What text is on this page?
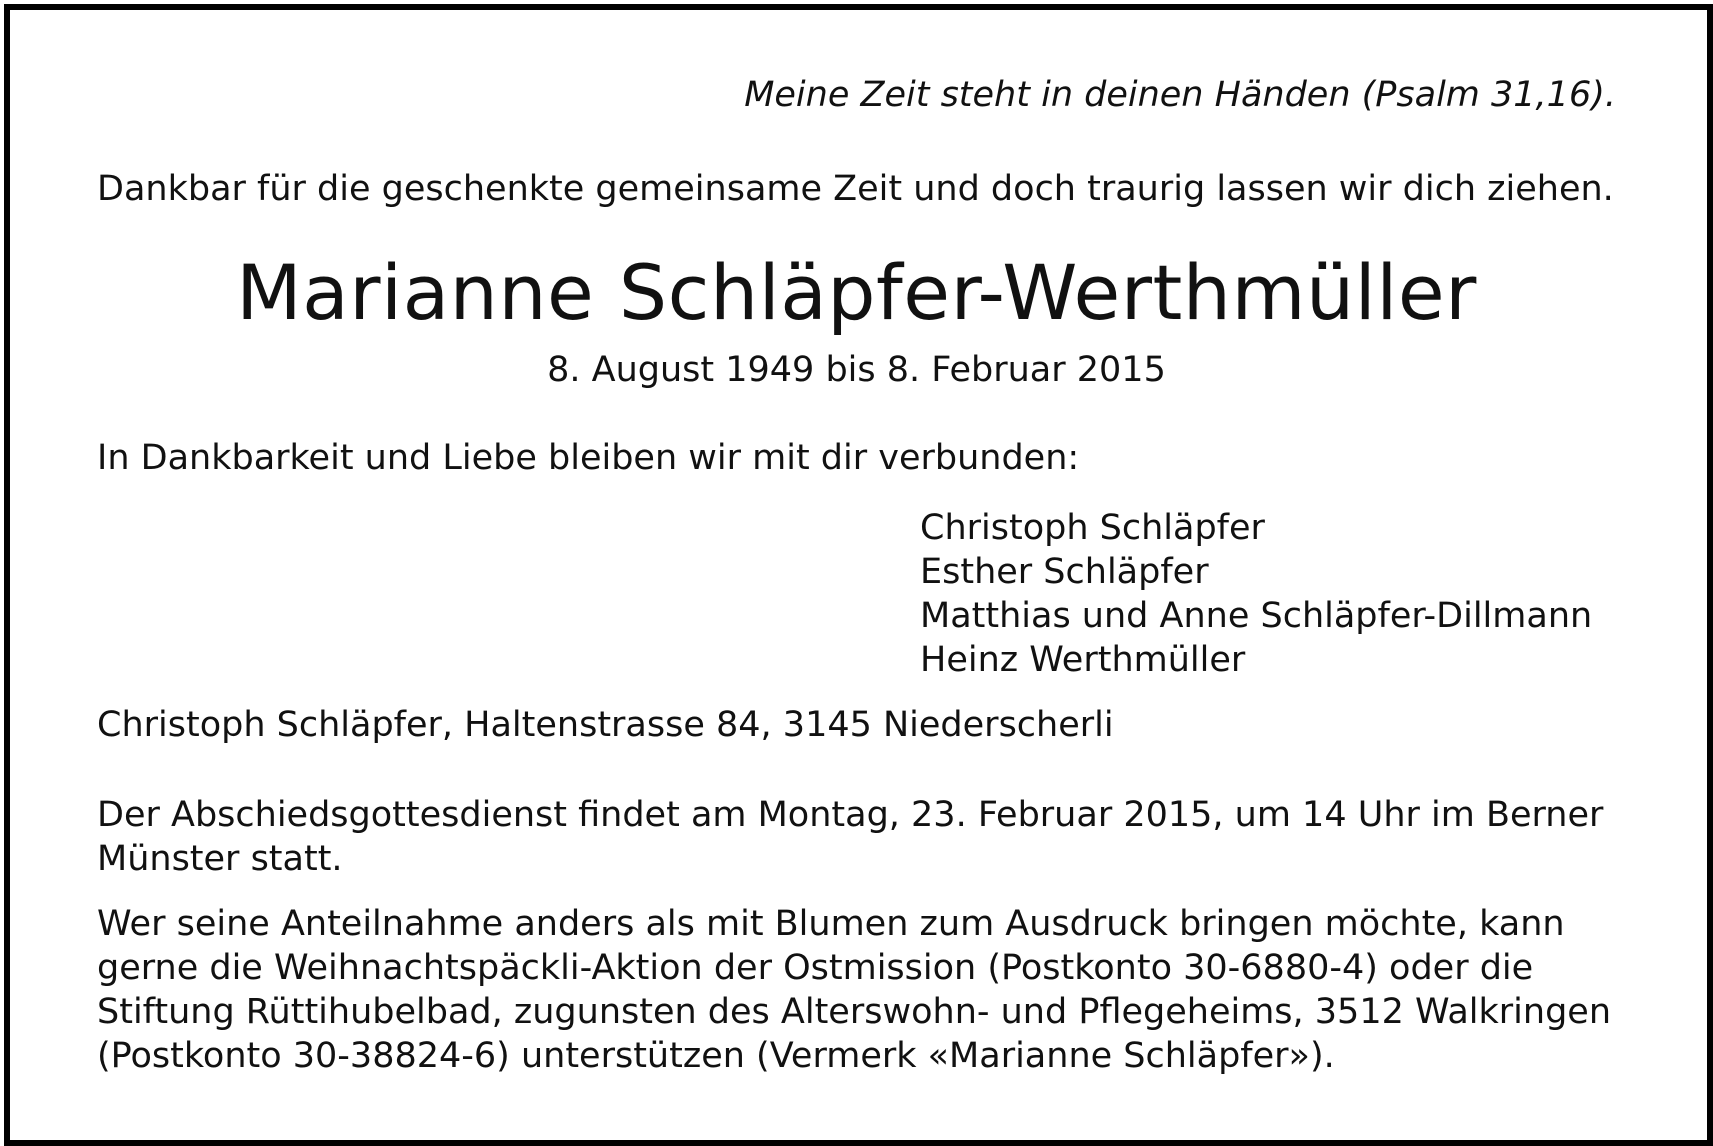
Meine Zeit steht in deinen Händen (Psalm 31,16).
Dankbar für die geschenkte gemeinsame Zeit und doch traurig lassen wir dich ziehen.
Marianne Schläpfer-Werthmüller
8. August 1949 bis 8. Februar 2015
In Dankbarkeit und Liebe bleiben wir mit dir verbunden:
Christoph Schläpfer
Esther Schläpfer
Matthias und Anne Schläpfer-Dillmann
Heinz Werthmüller
Christoph Schläpfer, Haltenstrasse 84, 3145 Niederscherli
Der Abschiedsgottesdienst findet am Montag, 23. Februar 2015, um 14 Uhr im Berner
Münster statt.
Wer seine Anteilnahme anders als mit Blumen zum Ausdruck bringen möchte, kann
gerne die Weihnachtspäckli-Aktion der Ostmission (Postkonto 30-6880-4) oder die
Stiftung Rüttihubelbad, zugunsten des Alterswohn- und Pflegeheims, 3512 Walkringen
(Postkonto 30-38824-6) unterstützen (Vermerk «Marianne Schläpfer»).
